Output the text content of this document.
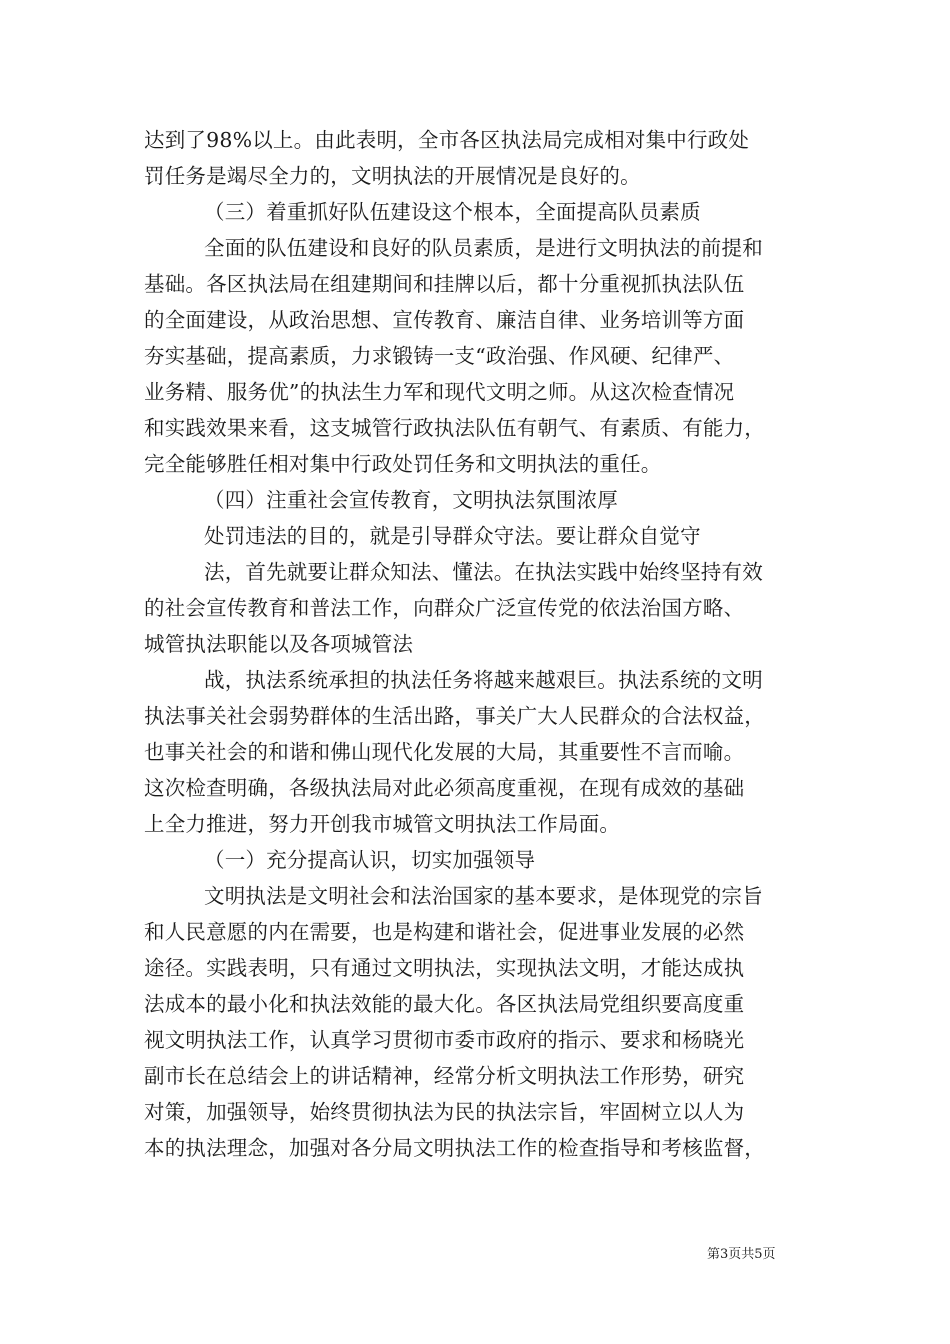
达到了98%以上。由此表明，全市各区执法局完成相对集中行政处
罚任务是竭尽全力的，文明执法的开展情况是良好的。
（三）着重抓好队伍建设这个根本，全面提高队员素质
全面的队伍建设和良好的队员素质，是进行文明执法的前提和
基础。各区执法局在组建期间和挂牌以后，都十分重视抓执法队伍
的全面建设，从政治思想、宣传教育、廉洁自律、业务培训等方面
夯实基础，提高素质，力求锻铸一支“政治强、作风硬、纪律严、
业务精、服务优”的执法生力军和现代文明之师。从这次检查情况
和实践效果来看，这支城管行政执法队伍有朝气、有素质、有能力，
完全能够胜任相对集中行政处罚任务和文明执法的重任。
（四）注重社会宣传教育，文明执法氛围浓厚
处罚违法的目的，就是引导群众守法。要让群众自觉守
法，首先就要让群众知法、懂法。在执法实践中始终坚持有效
的社会宣传教育和普法工作，向群众广泛宣传党的依法治国方略、
城管执法职能以及各项城管法
战，执法系统承担的执法任务将越来越艰巨。执法系统的文明
执法事关社会弱势群体的生活出路，事关广大人民群众的合法权益，
也事关社会的和谐和佛山现代化发展的大局，其重要性不言而喻。
这次检查明确，各级执法局对此必须高度重视，在现有成效的基础
上全力推进，努力开创我市城管文明执法工作局面。
（一）充分提高认识，切实加强领导
文明执法是文明社会和法治国家的基本要求，是体现党的宗旨
和人民意愿的内在需要，也是构建和谐社会，促进事业发展的必然
途径。实践表明，只有通过文明执法，实现执法文明，才能达成执
法成本的最小化和执法效能的最大化。各区执法局党组织要高度重
视文明执法工作，认真学习贯彻市委市政府的指示、要求和杨晓光
副市长在总结会上的讲话精神，经常分析文明执法工作形势，研究
对策，加强领导，始终贯彻执法为民的执法宗旨，牢固树立以人为
本的执法理念，加强对各分局文明执法工作的检查指导和考核监督，
第3页共5页
